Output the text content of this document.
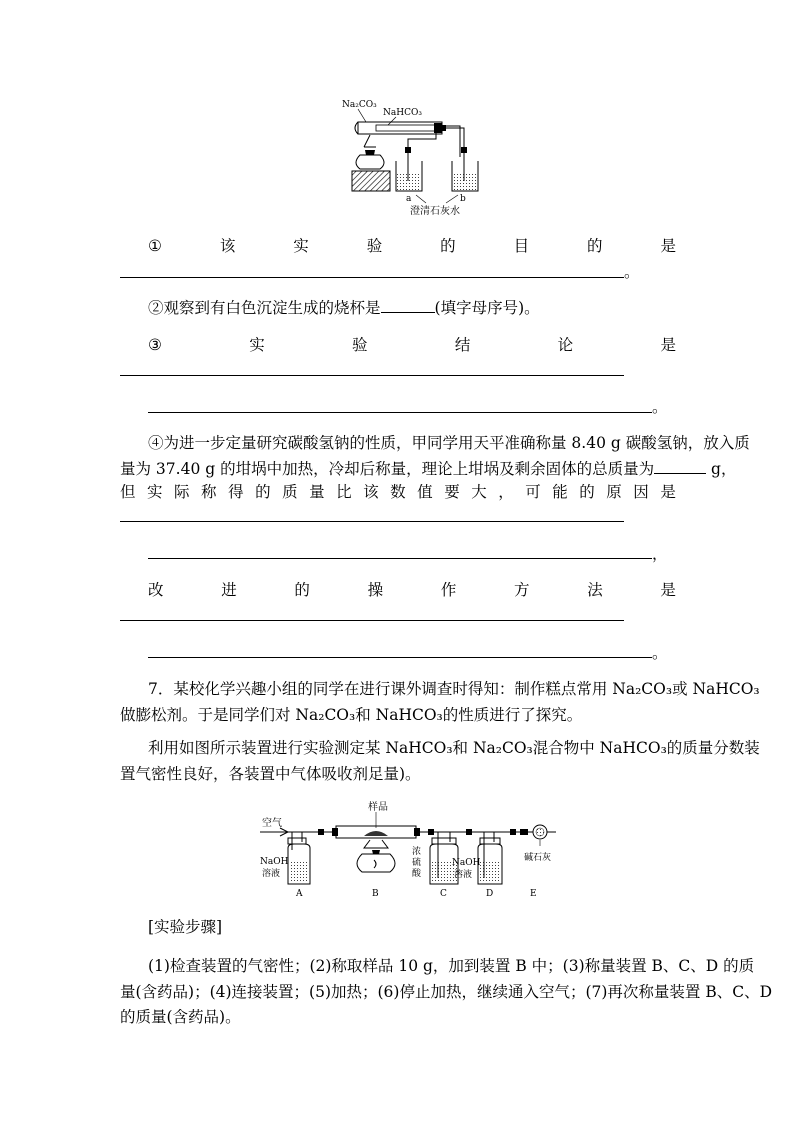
Na₂CO₃
NaHCO₃
a	b
澄清石灰水
①	该	实	验	的	目	的	是
。
②观察到有白色沉淀生成的烧杯是	(填字母序号)。
③	实	验	结	论	是
。
④为进一步定量研究碳酸氢钠的性质，甲同学用天平准确称量 8.40 g 碳酸氢钠，放入质
量为 37.40 g 的坩埚中加热，冷却后称量，理论上坩埚及剩余固体的总质量为	g，
但 实 际 称 得 的 质 量 比 该 数 值 要 大 ， 可 能 的 原 因 是
，
改	进	的	操	作	方	法	是
。
7．某校化学兴趣小组的同学在进行课外调查时得知：制作糕点常用 Na₂CO₃或 NaHCO₃
做膨松剂。于是同学们对 Na₂CO₃和 NaHCO₃的性质进行了探究。
利用如图所示装置进行实验测定某 NaHCO₃和 Na₂CO₃混合物中 NaHCO₃的质量分数装
置气密性良好，各装置中气体吸收剂足量)。
空气
样品
NaOH
溶液
A	B
浓
硫
酸
C
NaOH
溶液
D
碱石灰
E
[实验步骤]
(1)检查装置的气密性；(2)称取样品 10 g，加到装置 B 中；(3)称量装置 B、C、D 的质
量(含药品)；(4)连接装置；(5)加热；(6)停止加热，继续通入空气；(7)再次称量装置 B、C、D
的质量(含药品)。
